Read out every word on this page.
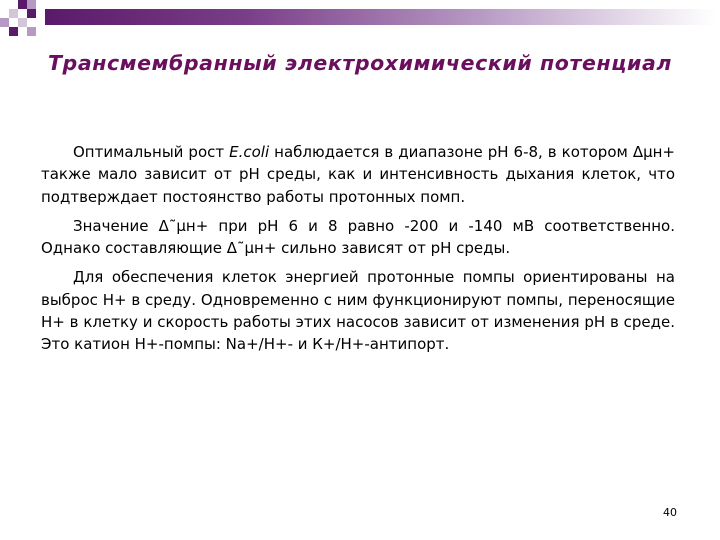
Трансмембранный электрохимический потенциал

Оптимальный рост E.coli наблюдается в диапазоне pH 6-8, в котором Δμн+ также мало зависит от pH среды, как и интенсивность дыхания клеток, что подтверждает постоянство работы протонных помп.

Значение Δ˜μн+ при pH 6 и 8 равно -200 и -140 мВ соответственно. Однако составляющие Δ˜μн+ сильно зависят от pH среды.

Для обеспечения клеток энергией протонные помпы ориентированы на выброс Н+ в среду. Одновременно с ним функционируют помпы, переносящие Н+ в клетку и скорость работы этих насосов зависит от изменения pH в среде. Это катион Н+-помпы: Na+/H+- и К+/Н+-антипорт.

40
